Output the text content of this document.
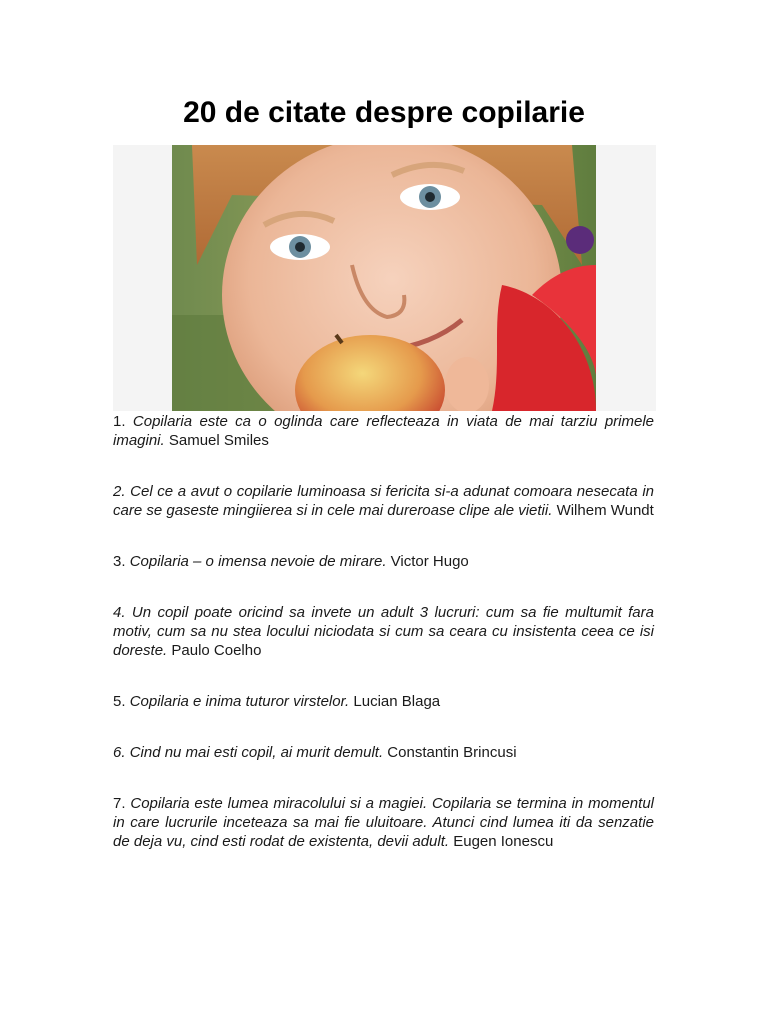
20 de citate despre copilarie
1. Copilaria este ca o oglinda care reflecteaza in viata de mai tarziu primele imagini. Samuel Smiles
2. Cel ce a avut o copilarie luminoasa si fericita si-a adunat comoara nesecata in care se gaseste mingiierea si in cele mai dureroase clipe ale vietii. Wilhem Wundt
3. Copilaria – o imensa nevoie de mirare. Victor Hugo
4. Un copil poate oricind sa invete un adult 3 lucruri: cum sa fie multumit fara motiv, cum sa nu stea locului niciodata si cum sa ceara cu insistenta ceea ce isi doreste. Paulo Coelho
5. Copilaria e inima tuturor virstelor. Lucian Blaga
6. Cind nu mai esti copil, ai murit demult. Constantin Brincusi
7. Copilaria este lumea miracolului si a magiei. Copilaria se termina in momentul in care lucrurile inceteaza sa mai fie uluitoare. Atunci cind lumea iti da senzatie de deja vu, cind esti rodat de existenta, devii adult. Eugen Ionescu
